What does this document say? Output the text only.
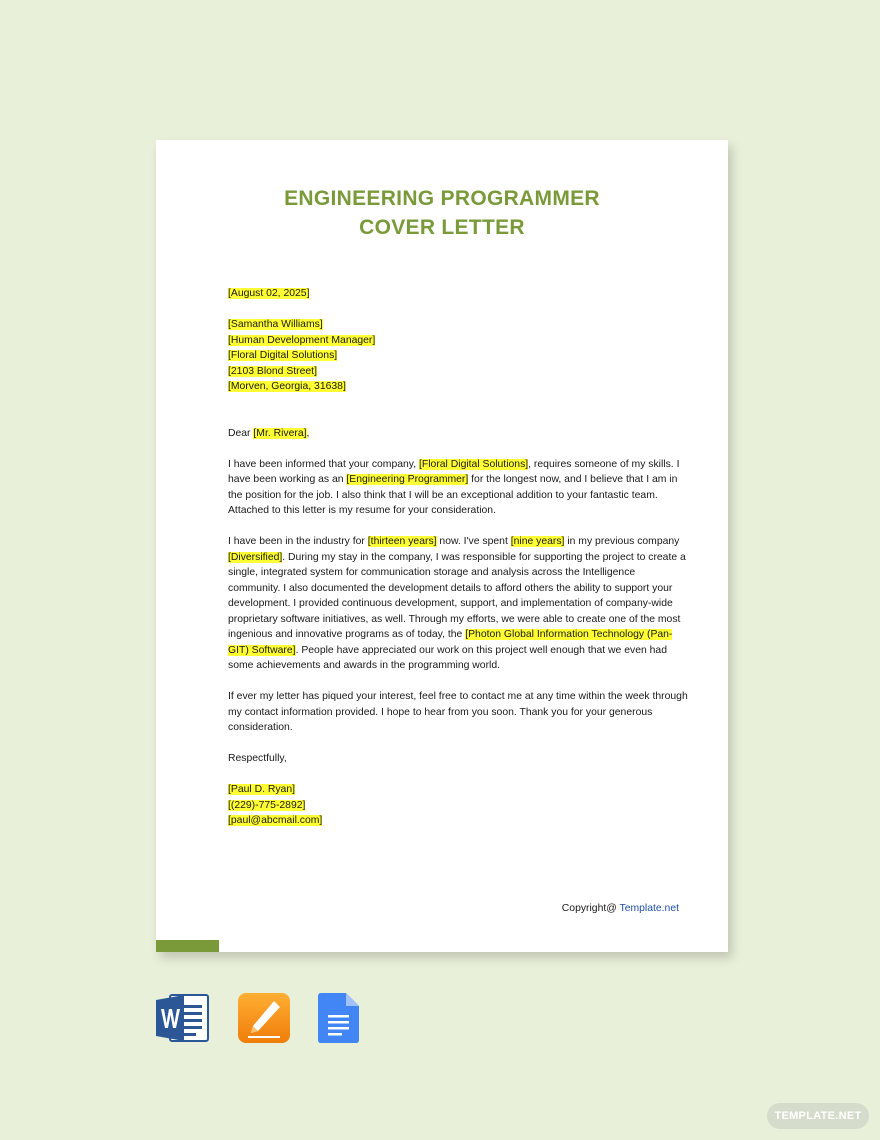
ENGINEERING PROGRAMMER
COVER LETTER

[August 02, 2025]

[Samantha Williams]
[Human Development Manager]
[Floral Digital Solutions]
[2103 Blond Street]
[Morven, Georgia, 31638]

Dear [Mr. Rivera],

I have been informed that your company, [Floral Digital Solutions], requires someone of my skills. I have been working as an [Engineering Programmer] for the longest now, and I believe that I am in the position for the job. I also think that I will be an exceptional addition to your fantastic team. Attached to this letter is my resume for your consideration.

I have been in the industry for [thirteen years] now. I've spent [nine years] in my previous company [Diversified]. During my stay in the company, I was responsible for supporting the project to create a single, integrated system for communication storage and analysis across the Intelligence community. I also documented the development details to afford others the ability to support your development. I provided continuous development, support, and implementation of company-wide proprietary software initiatives, as well. Through my efforts, we were able to create one of the most ingenious and innovative programs as of today, the [Photon Global Information Technology (Pan-GIT) Software]. People have appreciated our work on this project well enough that we even had some achievements and awards in the programming world.

If ever my letter has piqued your interest, feel free to contact me at any time within the week through my contact information provided. I hope to hear from you soon. Thank you for your generous consideration.

Respectfully,

[Paul D. Ryan]
[(229)-775-2892]
[paul@abcmail.com]

Copyright@ Template.net
TEMPLATE.NET
